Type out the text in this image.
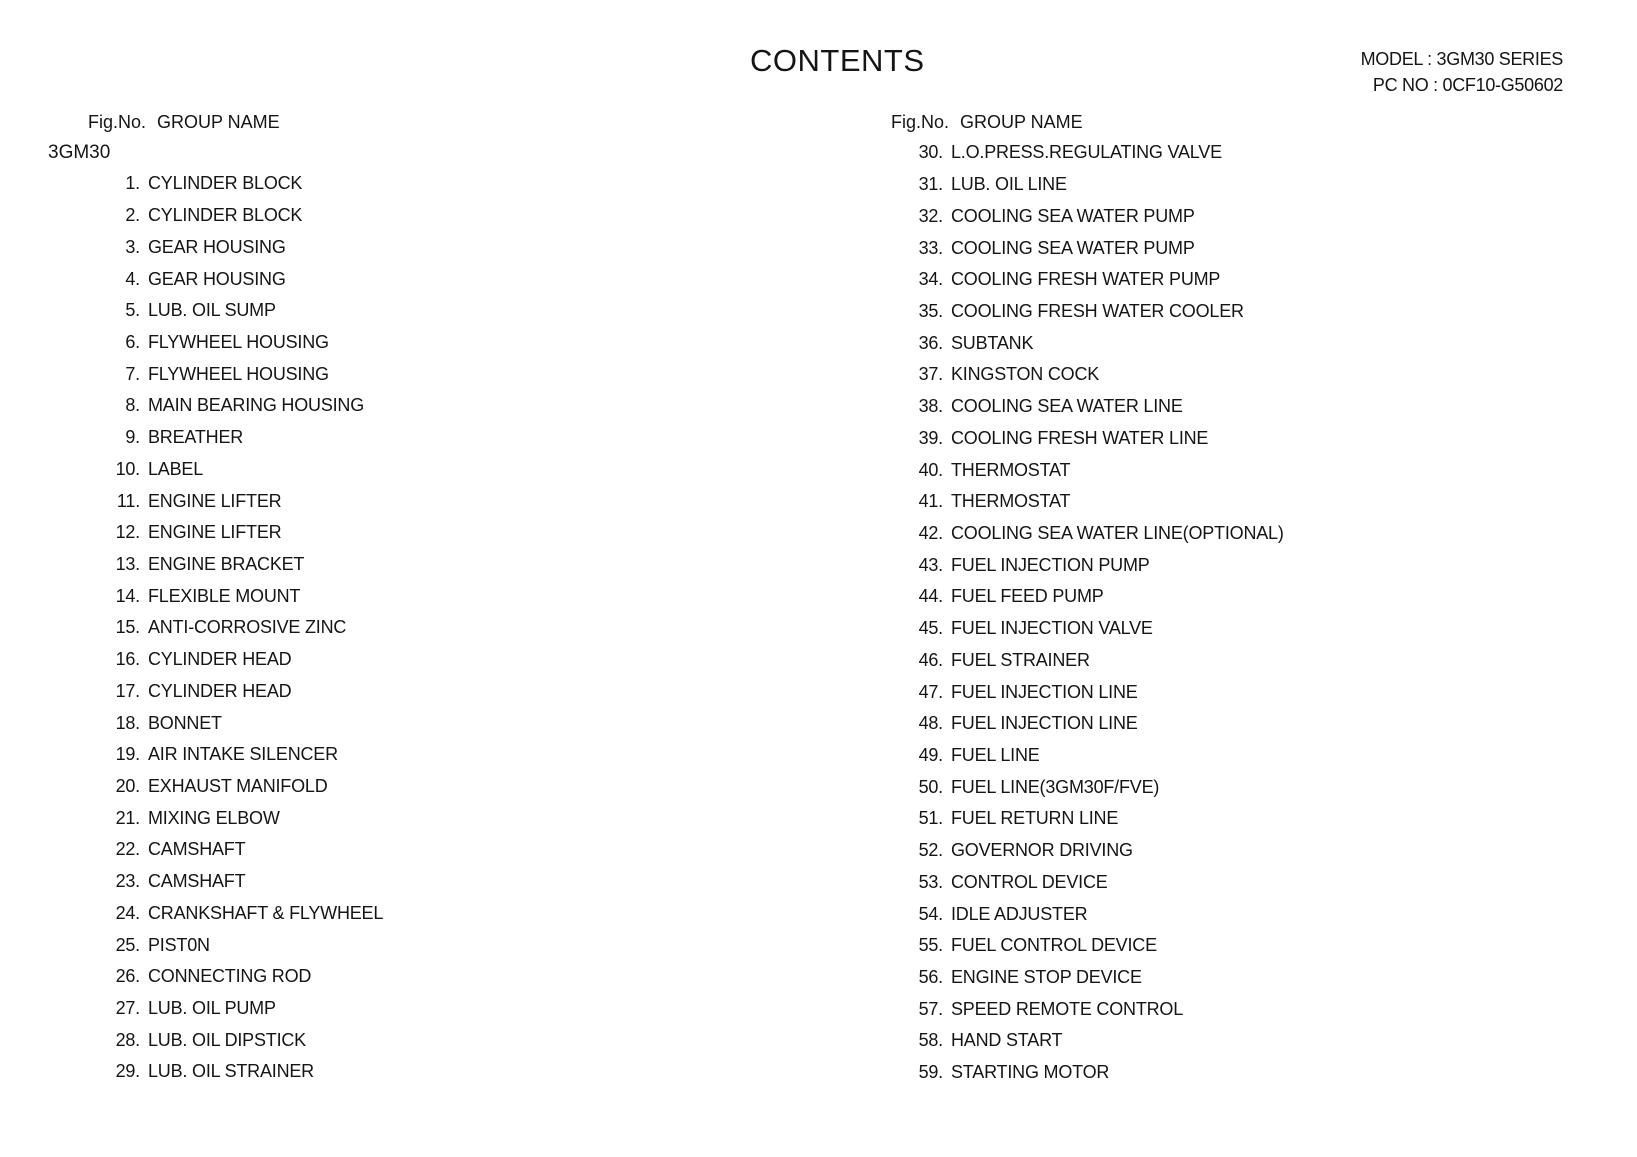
CONTENTS	MODEL : 3GM30 SERIES
PC NO : 0CF10-G50602
Fig.No. GROUP NAME
3GM30
1. CYLINDER BLOCK
2. CYLINDER BLOCK
3. GEAR HOUSING
4. GEAR HOUSING
5. LUB. OIL SUMP
6. FLYWHEEL HOUSING
7. FLYWHEEL HOUSING
8. MAIN BEARING HOUSING
9. BREATHER
10. LABEL
11. ENGINE LIFTER
12. ENGINE LIFTER
13. ENGINE BRACKET
14. FLEXIBLE MOUNT
15. ANTI-CORROSIVE ZINC
16. CYLINDER HEAD
17. CYLINDER HEAD
18. BONNET
19. AIR INTAKE SILENCER
20. EXHAUST MANIFOLD
21. MIXING ELBOW
22. CAMSHAFT
23. CAMSHAFT
24. CRANKSHAFT & FLYWHEEL
25. PIST0N
26. CONNECTING ROD
27. LUB. OIL PUMP
28. LUB. OIL DIPSTICK
29. LUB. OIL STRAINER
Fig.No. GROUP NAME
30. L.O.PRESS.REGULATING VALVE
31. LUB. OIL LINE
32. COOLING SEA WATER PUMP
33. COOLING SEA WATER PUMP
34. COOLING FRESH WATER PUMP
35. COOLING FRESH WATER COOLER
36. SUBTANK
37. KINGSTON COCK
38. COOLING SEA WATER LINE
39. COOLING FRESH WATER LINE
40. THERMOSTAT
41. THERMOSTAT
42. COOLING SEA WATER LINE(OPTIONAL)
43. FUEL INJECTION PUMP
44. FUEL FEED PUMP
45. FUEL INJECTION VALVE
46. FUEL STRAINER
47. FUEL INJECTION LINE
48. FUEL INJECTION LINE
49. FUEL LINE
50. FUEL LINE(3GM30F/FVE)
51. FUEL RETURN LINE
52. GOVERNOR DRIVING
53. CONTROL DEVICE
54. IDLE ADJUSTER
55. FUEL CONTROL DEVICE
56. ENGINE STOP DEVICE
57. SPEED REMOTE CONTROL
58. HAND START
59. STARTING MOTOR
